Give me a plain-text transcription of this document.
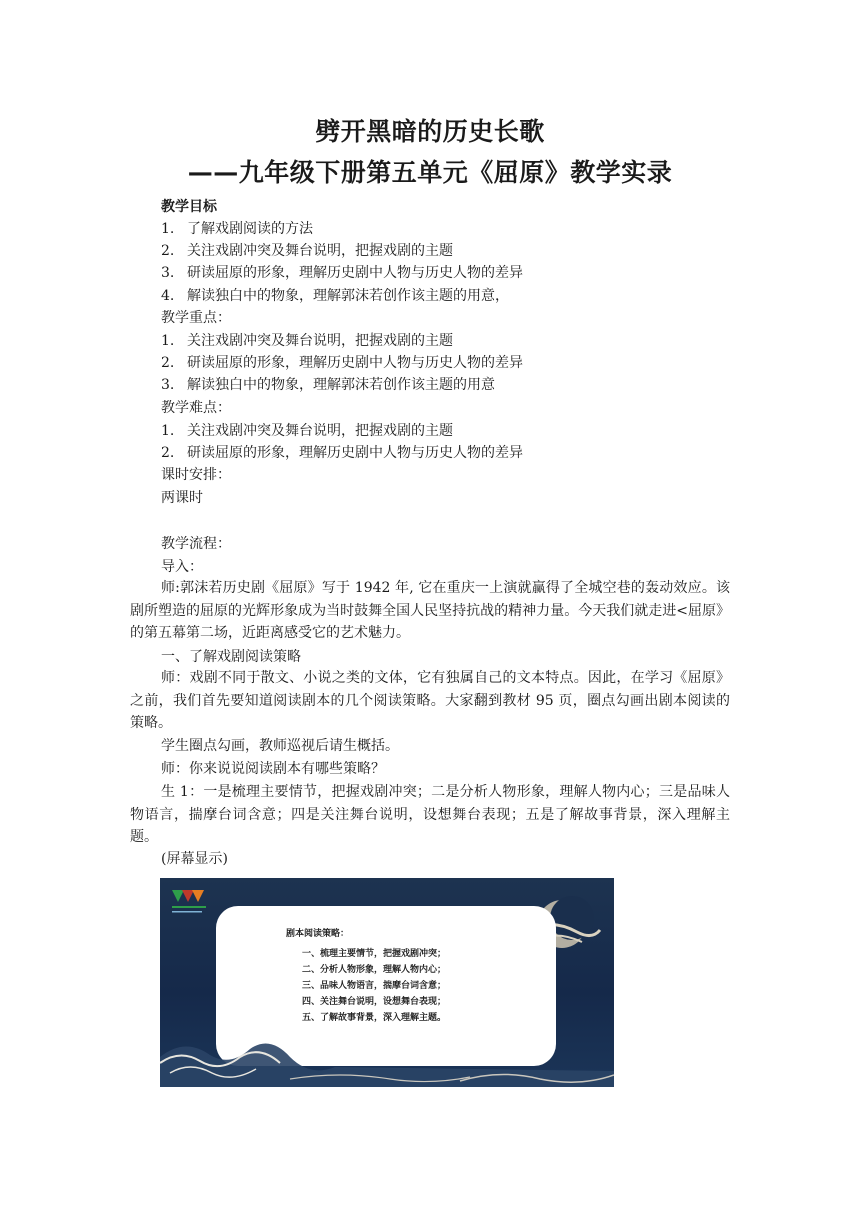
劈开黑暗的历史长歌
——九年级下册第五单元《屈原》教学实录
教学目标
1. 了解戏剧阅读的方法
2. 关注戏剧冲突及舞台说明，把握戏剧的主题
3. 研读屈原的形象，理解历史剧中人物与历史人物的差异
4. 解读独白中的物象，理解郭沫若创作该主题的用意，
教学重点：
1. 关注戏剧冲突及舞台说明，把握戏剧的主题
2. 研读屈原的形象，理解历史剧中人物与历史人物的差异
3. 解读独白中的物象，理解郭沫若创作该主题的用意
教学难点：
1. 关注戏剧冲突及舞台说明，把握戏剧的主题
2. 研读屈原的形象，理解历史剧中人物与历史人物的差异
课时安排：
两课时
教学流程：
导入：
师:郭沫若历史剧《屈原》写于 1942 年, 它在重庆一上演就赢得了全城空巷的轰动效应。该剧所塑造的屈原的光辉形象成为当时鼓舞全国人民坚持抗战的精神力量。今天我们就走进<屈原》的第五幕第二场，近距离感受它的艺术魅力。
一、了解戏剧阅读策略
师：戏剧不同于散文、小说之类的文体，它有独属自己的文本特点。因此，在学习《屈原》之前，我们首先要知道阅读剧本的几个阅读策略。大家翻到教材 95 页，圈点勾画出剧本阅读的策略。
学生圈点勾画，教师巡视后请生概括。
师：你来说说阅读剧本有哪些策略？
生 1：一是梳理主要情节，把握戏剧冲突；二是分析人物形象，理解人物内心；三是品味人物语言，揣摩台词含意；四是关注舞台说明，设想舞台表现；五是了解故事背景，深入理解主题。
(屏幕显示)
剧本阅读策略：
一、梳理主要情节，把握戏剧冲突；
二、分析人物形象，理解人物内心；
三、品味人物语言，揣摩台词含意；
四、关注舞台说明，设想舞台表现；
五、了解故事背景，深入理解主题。
